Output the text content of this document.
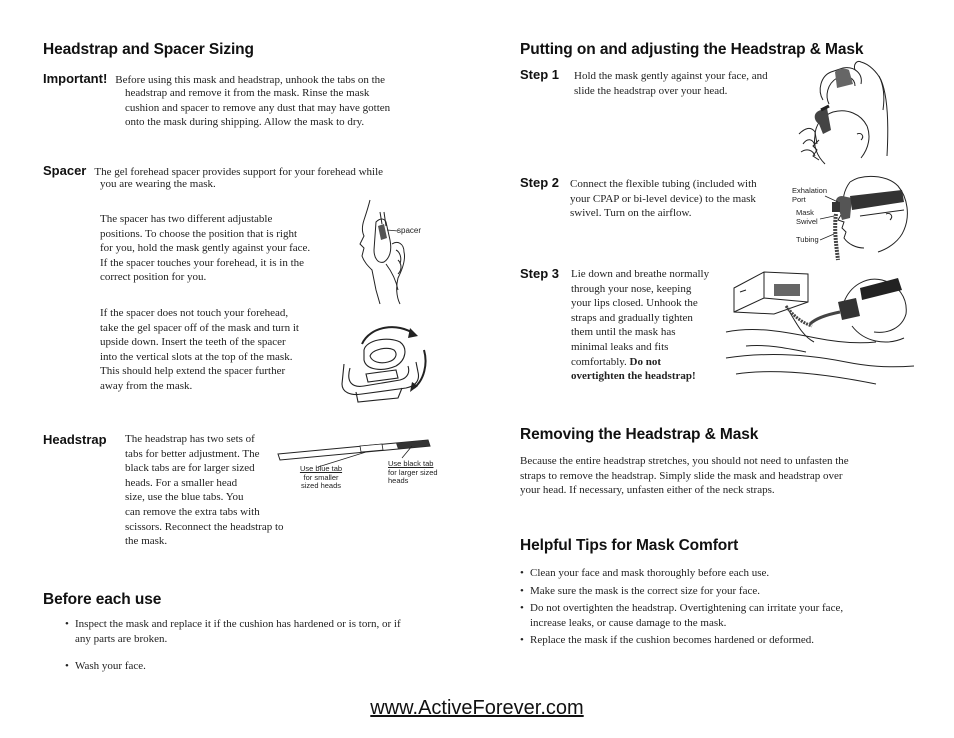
Headstrap and Spacer Sizing
Important! Before using this mask and headstrap, unhook the tabs on the
headstrap and remove it from the mask. Rinse the mask
cushion and spacer to remove any dust that may have gotten
onto the mask during shipping. Allow the mask to dry.
Spacer The gel forehead spacer provides support for your forehead while
you are wearing the mask.
The spacer has two different adjustable
positions. To choose the position that is right
for you, hold the mask gently against your face.
If the spacer touches your forehead, it is in the
correct position for you.
If the spacer does not touch your forehead,
take the gel spacer off of the mask and turn it
upside down. Insert the teeth of the spacer
into the vertical slots at the top of the mask.
This should help extend the spacer further
away from the mask.
spacer
Headstrap	The headstrap has two sets of
tabs for better adjustment. The
black tabs are for larger sized
heads. For a smaller head
size, use the blue tabs. You
can remove the extra tabs with
scissors. Reconnect the headstrap to
the mask.
Use blue tab
for smaller
sized heads
Use black tab
for larger sized
heads
Before each use
• Inspect the mask and replace it if the cushion has hardened or is torn, or if
any parts are broken.
• Wash your face.
Putting on and adjusting the Headstrap & Mask
Step 1 Hold the mask gently against your face, and
slide the headstrap over your head.
Step 2 Connect the flexible tubing (included with
your CPAP or bi-level device) to the mask
swivel. Turn on the airflow.
Exhalation
Port
Mask
Swivel
Tubing
Step 3 Lie down and breathe normally
through your nose, keeping
your lips closed. Unhook the
straps and gradually tighten
them until the mask has
minimal leaks and fits
comfortably. Do not
overtighten the headstrap!
Removing the Headstrap & Mask
Because the entire headstrap stretches, you should not need to unfasten the
straps to remove the headstrap. Simply slide the mask and headstrap over
your head. If necessary, unfasten either of the neck straps.
Helpful Tips for Mask Comfort
• Clean your face and mask thoroughly before each use.
• Make sure the mask is the correct size for your face.
• Do not overtighten the headstrap. Overtightening can irritate your face,
increase leaks, or cause damage to the mask.
• Replace the mask if the cushion becomes hardened or deformed.
www.ActiveForever.com
